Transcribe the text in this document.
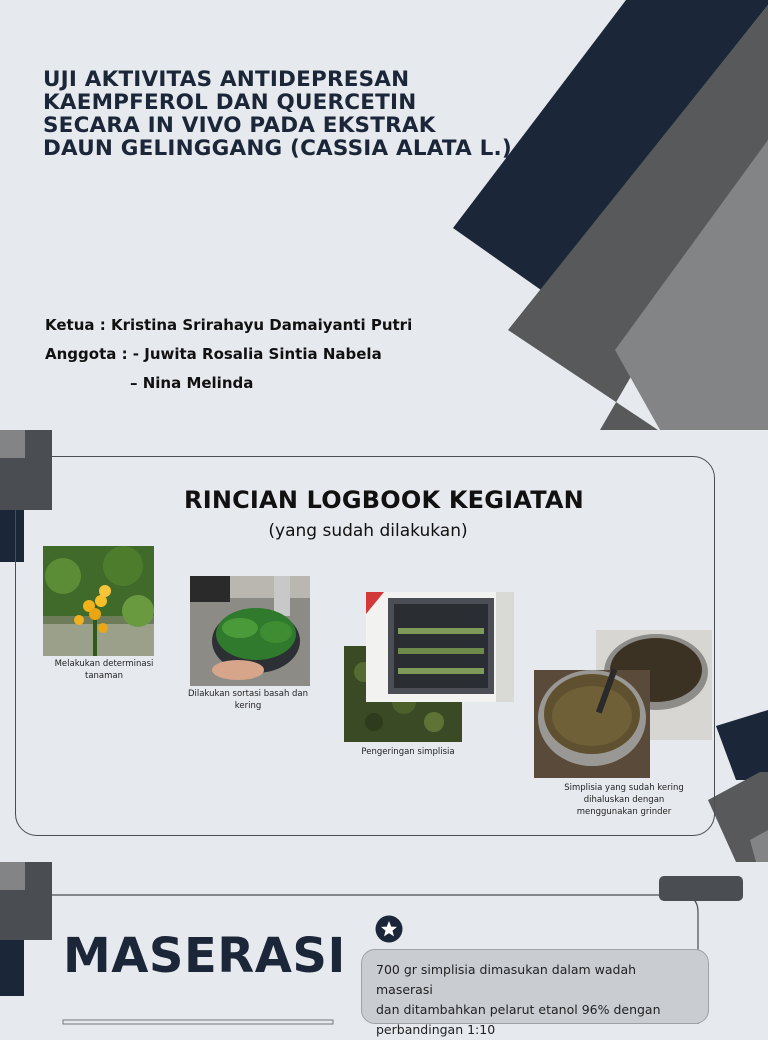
UJI AKTIVITAS ANTIDEPRESAN
KAEMPFEROL DAN QUERCETIN
SECARA IN VIVO PADA EKSTRAK
DAUN GELINGGANG (CASSIA ALATA L.)
Ketua : Kristina Srirahayu Damaiyanti Putri
Anggota : - Juwita Rosalia Sintia Nabela
– Nina Melinda
RINCIAN LOGBOOK KEGIATAN
(yang sudah dilakukan)
Melakukan determinasi
tanaman
Dilakukan sortasi basah dan
kering
Pengeringan simplisia
Simplisia yang sudah kering
dihaluskan dengan
menggunakan grinder
MASERASI 700 gr simplisia dimasukan dalam wadah maserasi
dan ditambahkan pelarut etanol 96% dengan
perbandingan 1:10
